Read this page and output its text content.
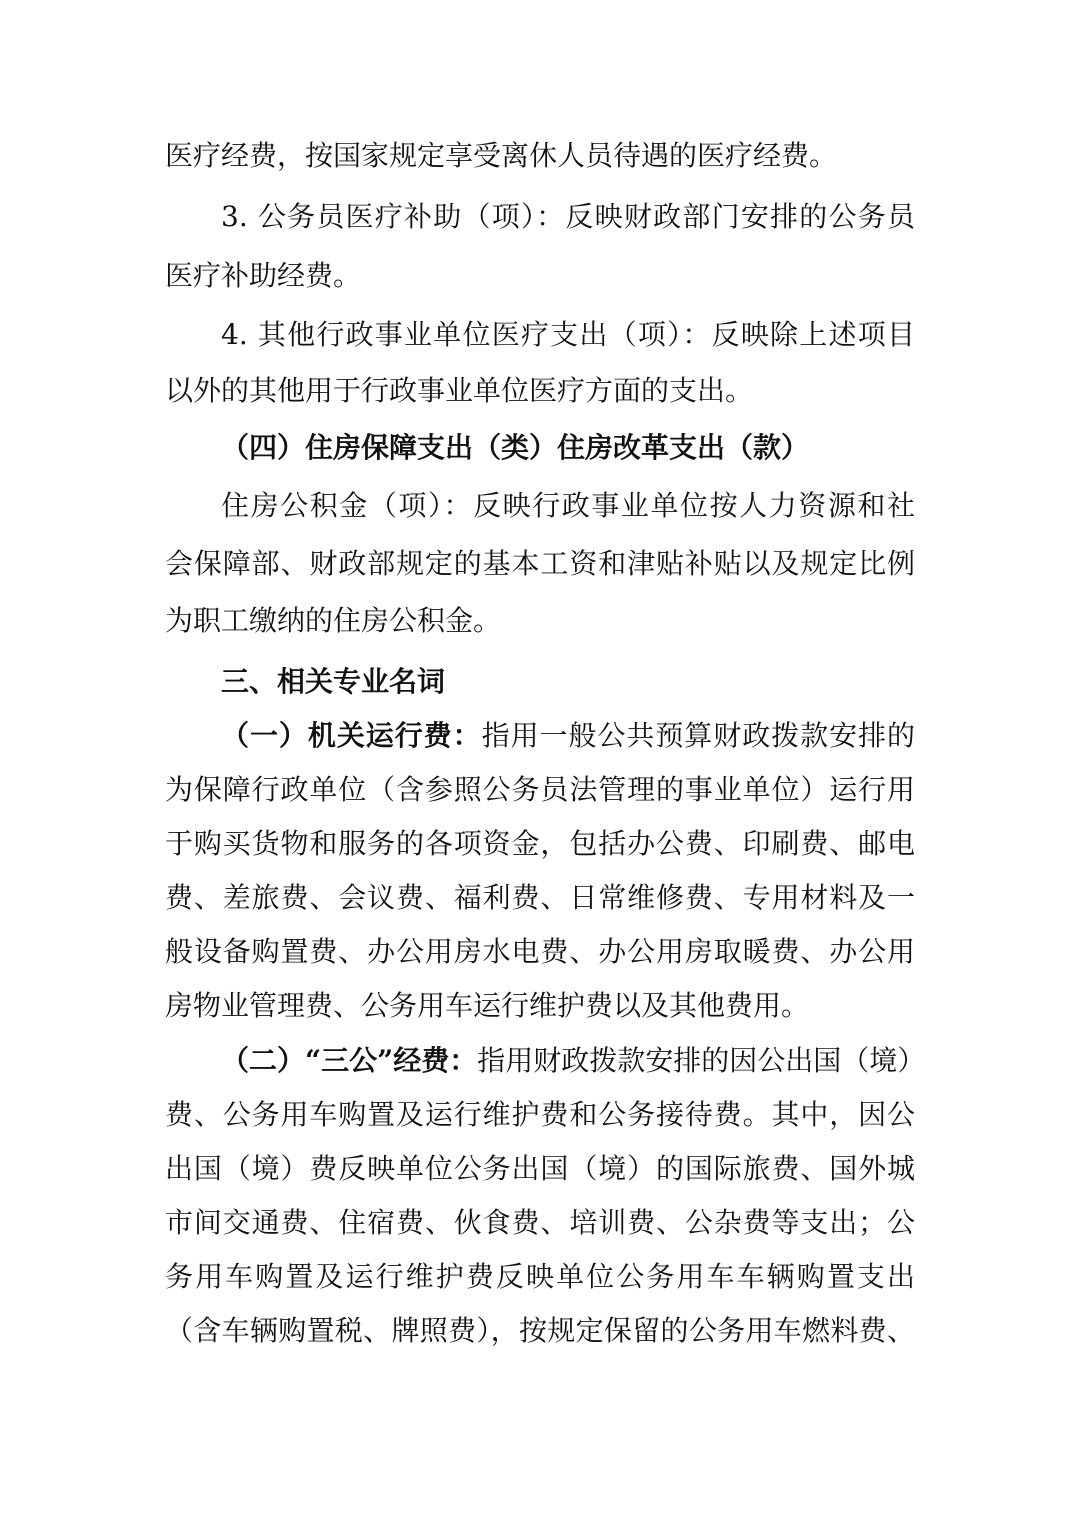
医疗经费，按国家规定享受离休人员待遇的医疗经费。
3. 公务员医疗补助（项）：反映财政部门安排的公务员
医疗补助经费。
4. 其他行政事业单位医疗支出（项）：反映除上述项目
以外的其他用于行政事业单位医疗方面的支出。
（四）住房保障支出（类）住房改革支出（款）
住房公积金（项）：反映行政事业单位按人力资源和社
会保障部、财政部规定的基本工资和津贴补贴以及规定比例
为职工缴纳的住房公积金。
三、相关专业名词
（一）机关运行费：指用一般公共预算财政拨款安排的
为保障行政单位（含参照公务员法管理的事业单位）运行用
于购买货物和服务的各项资金，包括办公费、印刷费、邮电
费、差旅费、会议费、福利费、日常维修费、专用材料及一
般设备购置费、办公用房水电费、办公用房取暖费、办公用
房物业管理费、公务用车运行维护费以及其他费用。
（二）“三公”经费：指用财政拨款安排的因公出国（境）
费、公务用车购置及运行维护费和公务接待费。其中，因公
出国（境）费反映单位公务出国（境）的国际旅费、国外城
市间交通费、住宿费、伙食费、培训费、公杂费等支出；公
务用车购置及运行维护费反映单位公务用车车辆购置支出
（含车辆购置税、牌照费），按规定保留的公务用车燃料费、
